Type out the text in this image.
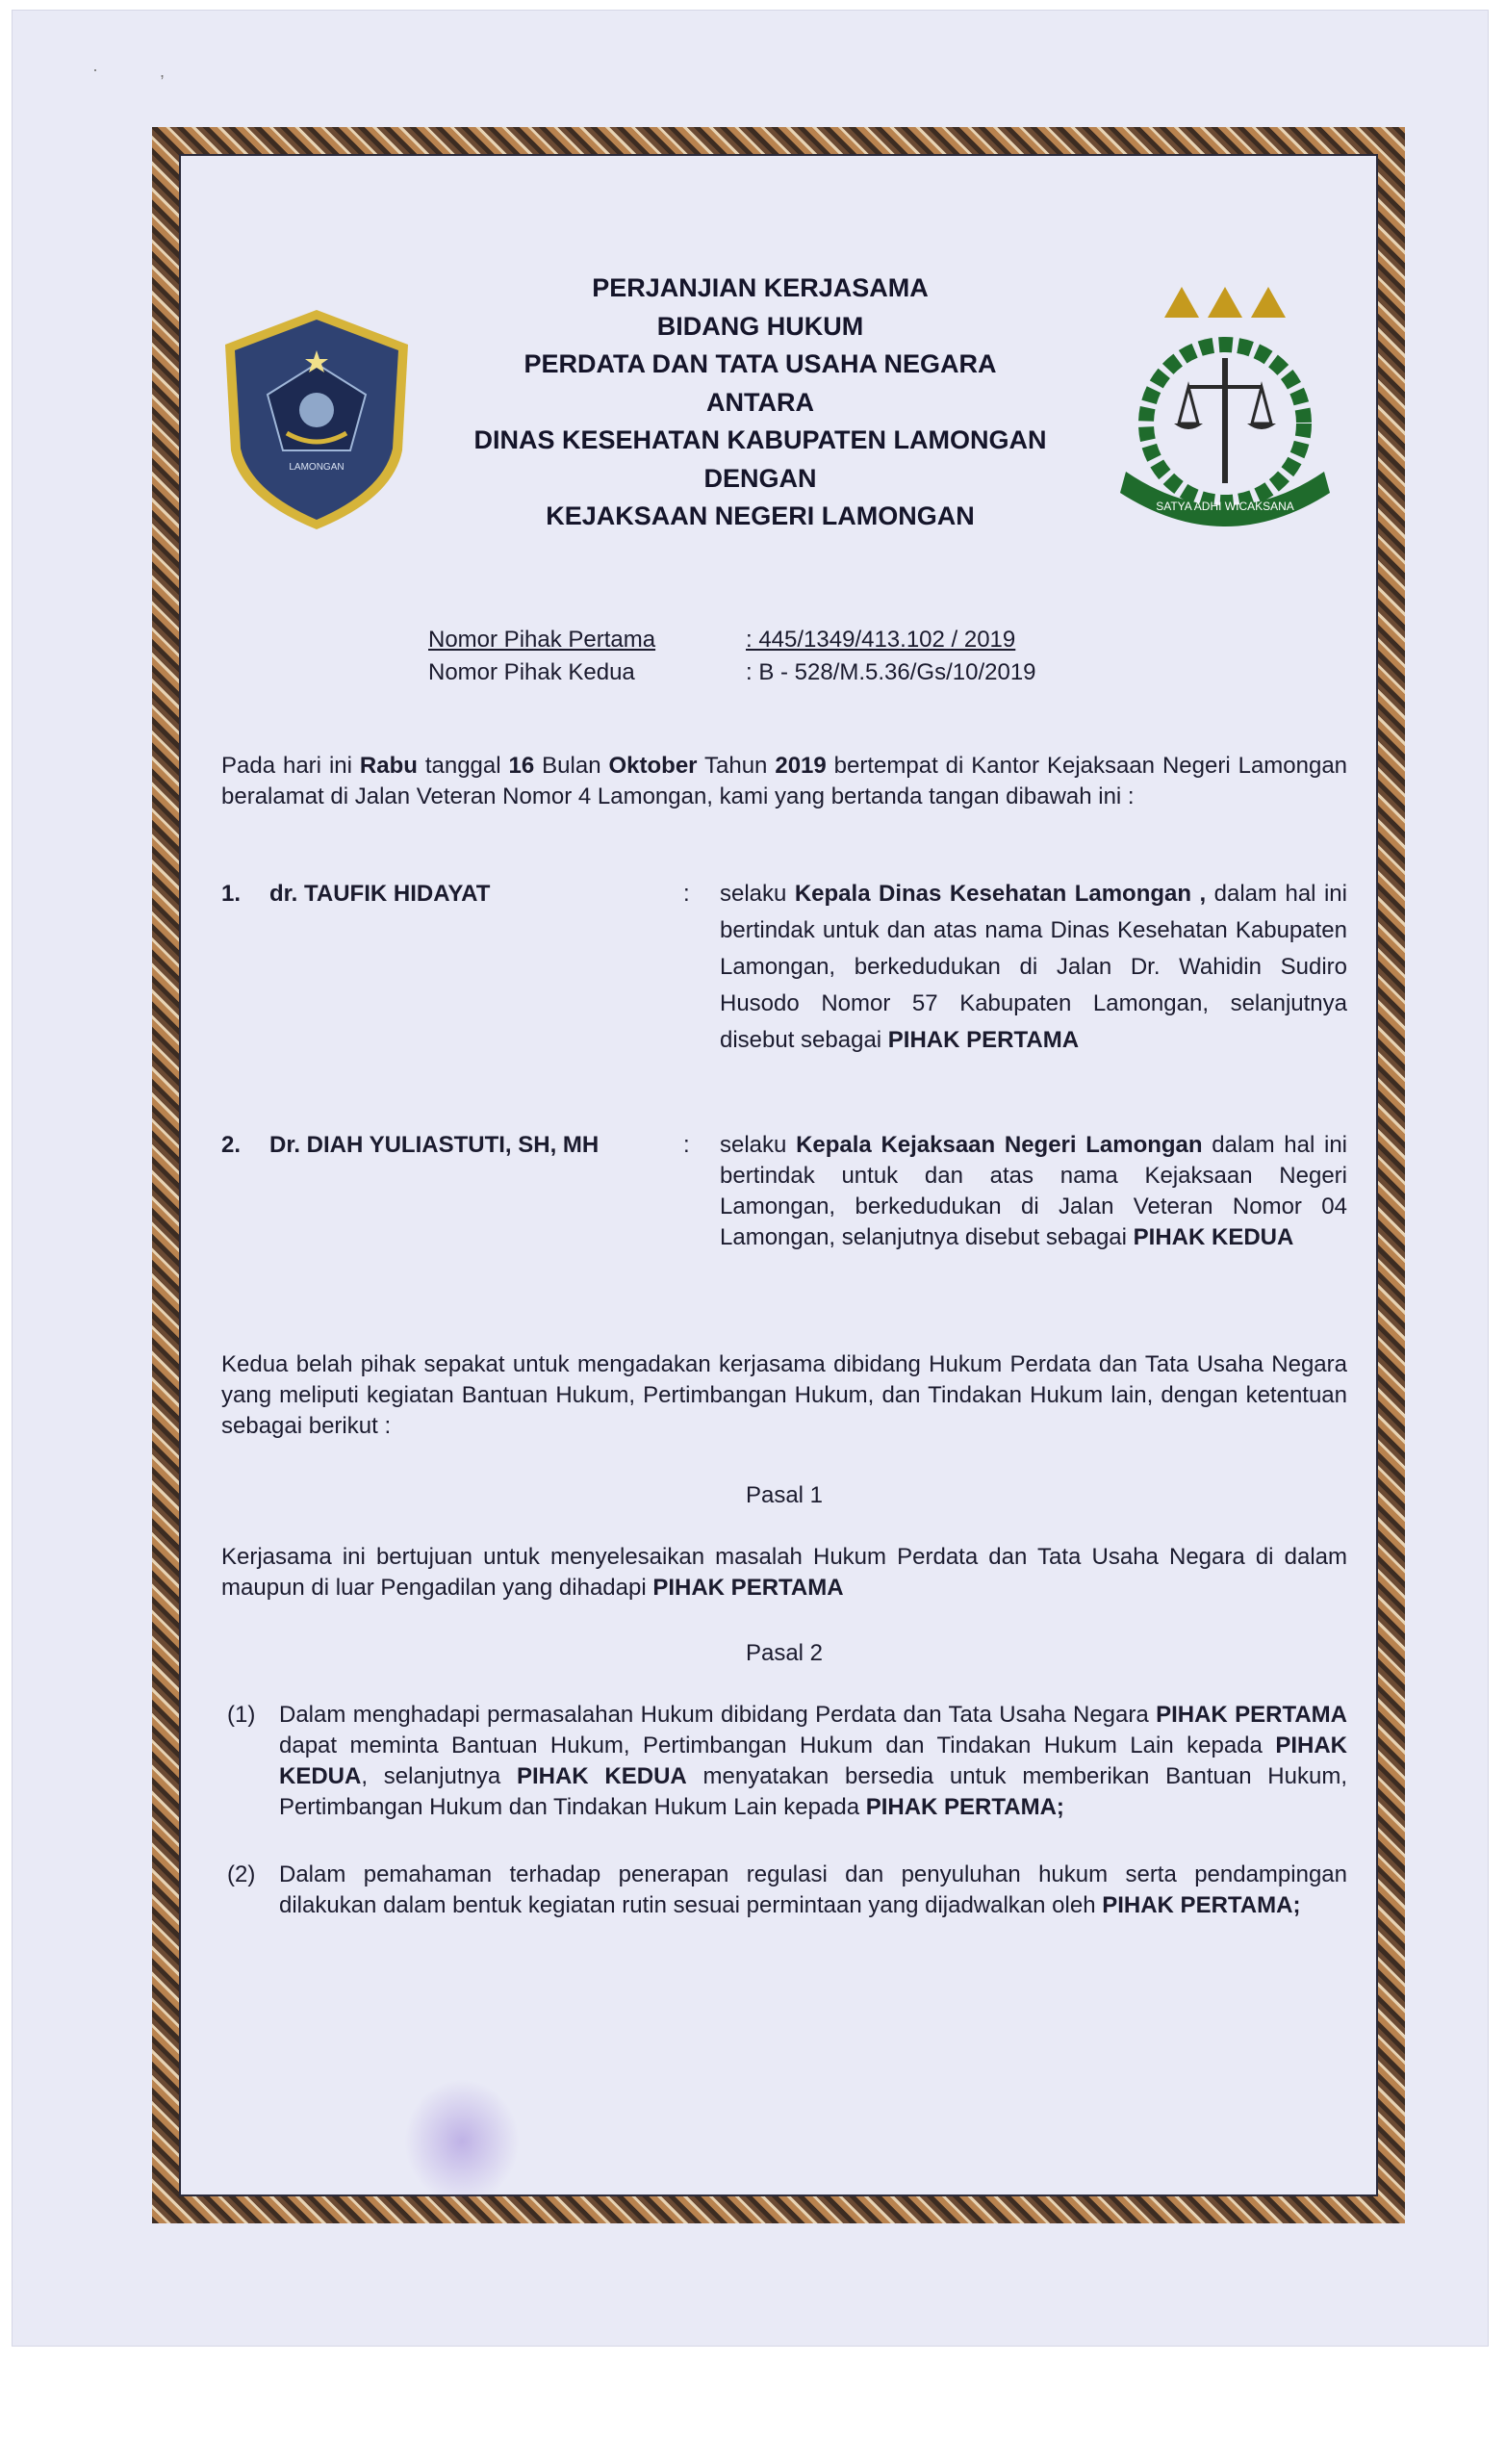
·	,
LAMONGAN
PERJANJIAN KERJASAMA
BIDANG HUKUM
PERDATA DAN TATA USAHA NEGARA
ANTARA
DINAS KESEHATAN KABUPATEN LAMONGAN
DENGAN
KEJAKSAAN NEGERI LAMONGAN	SATYA ADHI WICAKSANA
Nomor Pihak Pertama	: 445/1349/413.102 / 2019
Nomor Pihak Kedua	: B - 528/M.5.36/Gs/10/2019
Pada hari ini Rabu tanggal 16 Bulan Oktober Tahun 2019 bertempat di Kantor Kejaksaan Negeri Lamongan beralamat di Jalan Veteran Nomor 4 Lamongan, kami yang bertanda tangan dibawah ini :
1. dr. TAUFIK HIDAYAT	: selaku Kepala Dinas Kesehatan Lamongan , dalam hal ini bertindak untuk dan atas nama Dinas Kesehatan Kabupaten Lamongan, berkedudukan di Jalan Dr. Wahidin Sudiro Husodo Nomor 57 Kabupaten Lamongan, selanjutnya disebut sebagai PIHAK PERTAMA
2. Dr. DIAH YULIASTUTI, SH, MH	: selaku Kepala Kejaksaan Negeri Lamongan dalam hal ini bertindak untuk dan atas nama Kejaksaan Negeri Lamongan, berkedudukan di Jalan Veteran Nomor 04 Lamongan, selanjutnya disebut sebagai PIHAK KEDUA
Kedua belah pihak sepakat untuk mengadakan kerjasama dibidang Hukum Perdata dan Tata Usaha Negara yang meliputi kegiatan Bantuan Hukum, Pertimbangan Hukum, dan Tindakan Hukum lain, dengan ketentuan sebagai berikut :
Pasal 1
Kerjasama ini bertujuan untuk menyelesaikan masalah Hukum Perdata dan Tata Usaha Negara di dalam maupun di luar Pengadilan yang dihadapi PIHAK PERTAMA
Pasal 2
(1) Dalam menghadapi permasalahan Hukum dibidang Perdata dan Tata Usaha Negara PIHAK PERTAMA dapat meminta Bantuan Hukum, Pertimbangan Hukum dan Tindakan Hukum Lain kepada PIHAK KEDUA, selanjutnya PIHAK KEDUA menyatakan bersedia untuk memberikan Bantuan Hukum, Pertimbangan Hukum dan Tindakan Hukum Lain kepada PIHAK PERTAMA;
(2) Dalam pemahaman terhadap penerapan regulasi dan penyuluhan hukum serta pendampingan dilakukan dalam bentuk kegiatan rutin sesuai permintaan yang dijadwalkan oleh PIHAK PERTAMA;
